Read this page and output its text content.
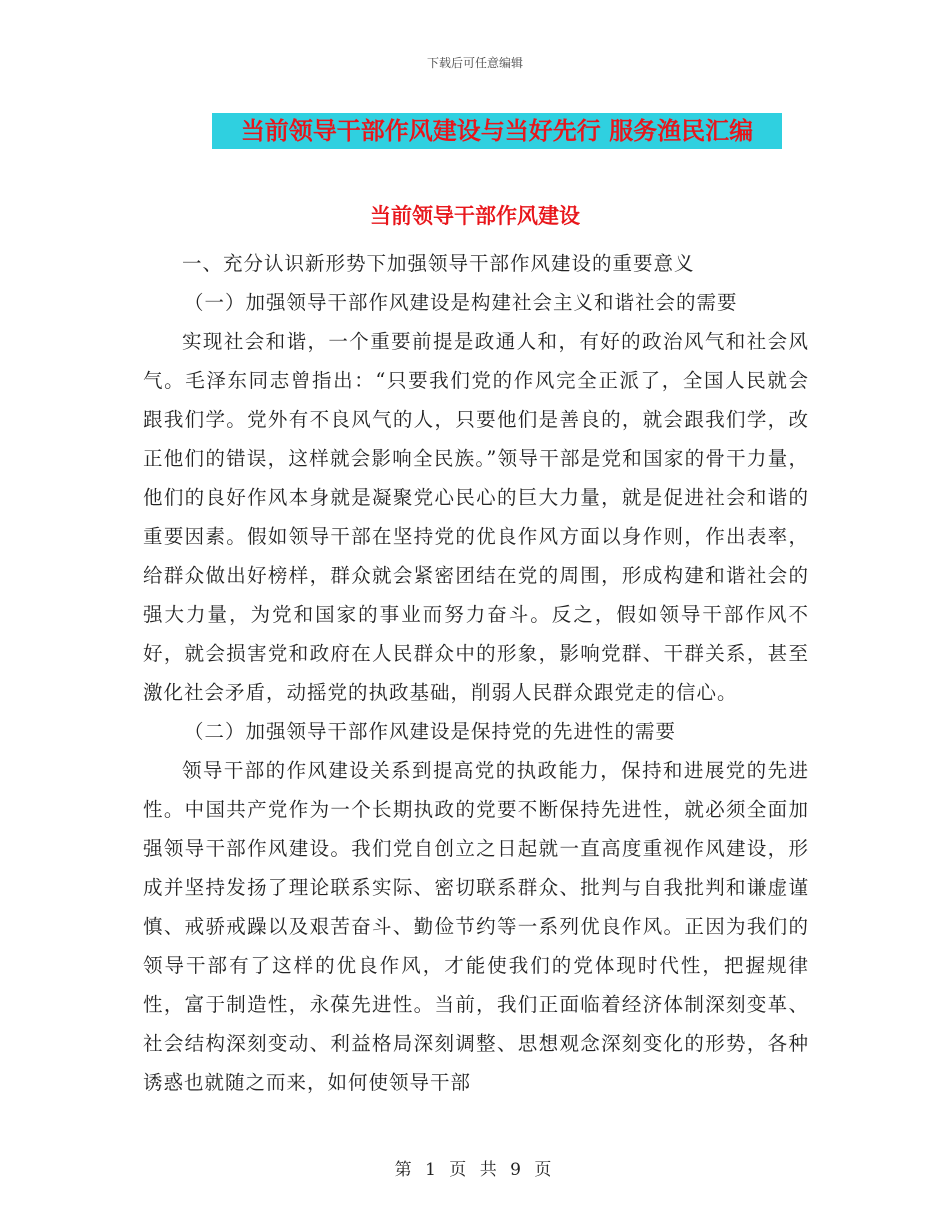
下载后可任意编辑
当前领导干部作风建设与当好先行 服务渔民汇编
当前领导干部作风建设

一、充分认识新形势下加强领导干部作风建设的重要意义

（一）加强领导干部作风建设是构建社会主义和谐社会的需要

实现社会和谐，一个重要前提是政通人和，有好的政治风气和社会风气。毛泽东同志曾指出：“只要我们党的作风完全正派了，全国人民就会跟我们学。党外有不良风气的人，只要他们是善良的，就会跟我们学，改正他们的错误，这样就会影响全民族。”领导干部是党和国家的骨干力量，他们的良好作风本身就是凝聚党心民心的巨大力量，就是促进社会和谐的重要因素。假如领导干部在坚持党的优良作风方面以身作则，作出表率，给群众做出好榜样，群众就会紧密团结在党的周围，形成构建和谐社会的强大力量，为党和国家的事业而努力奋斗。反之，假如领导干部作风不好，就会损害党和政府在人民群众中的形象，影响党群、干群关系，甚至激化社会矛盾，动摇党的执政基础，削弱人民群众跟党走的信心。

（二）加强领导干部作风建设是保持党的先进性的需要

领导干部的作风建设关系到提高党的执政能力，保持和进展党的先进性。中国共产党作为一个长期执政的党要不断保持先进性，就必须全面加强领导干部作风建设。我们党自创立之日起就一直高度重视作风建设，形成并坚持发扬了理论联系实际、密切联系群众、批判与自我批判和谦虚谨慎、戒骄戒躁以及艰苦奋斗、勤俭节约等一系列优良作风。正因为我们的领导干部有了这样的优良作风，才能使我们的党体现时代性，把握规律性，富于制造性，永葆先进性。当前，我们正面临着经济体制深刻变革、社会结构深刻变动、利益格局深刻调整、思想观念深刻变化的形势，各种诱惑也就随之而来，如何使领导干部

第 1 页 共 9 页
